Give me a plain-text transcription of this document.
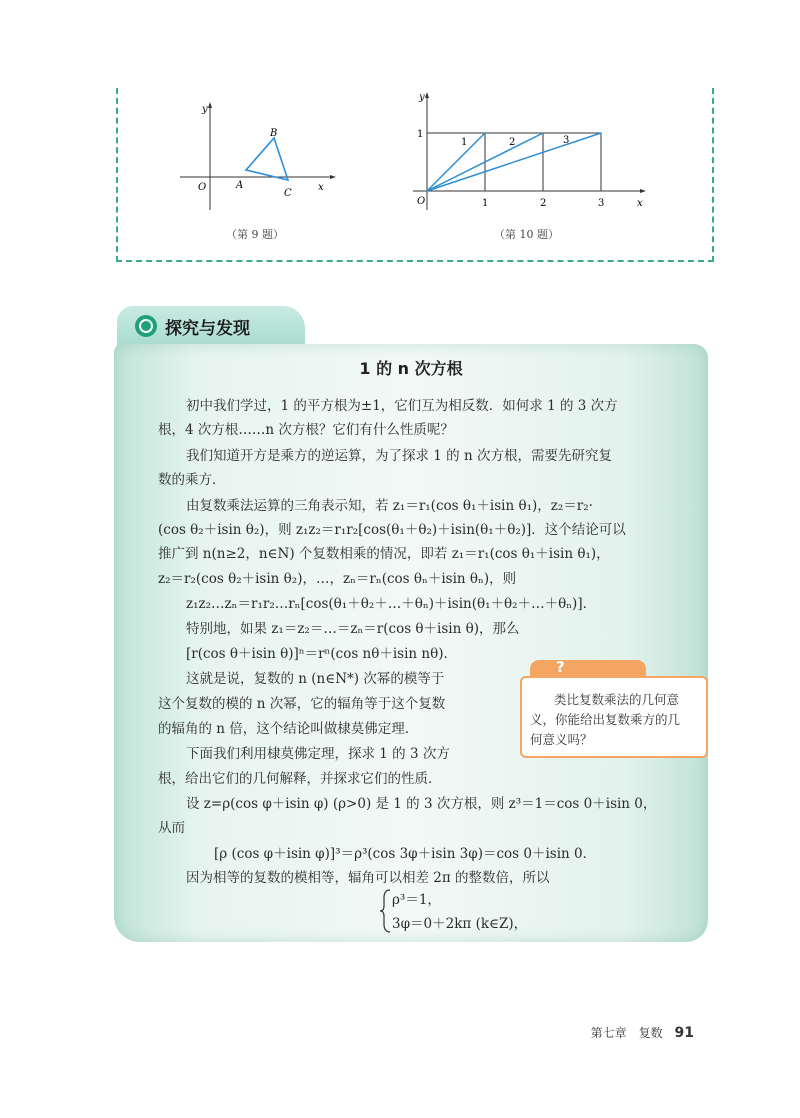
y
x
O	A
B
C
（第 9 题）
y
x
O
1
1	2	3
1	2	3
（第 10 题）
探究与发现
1 的 n 次方根
初中我们学过，1 的平方根为±1，它们互为相反数．如何求 1 的 3 次方
根，4 次方根……n 次方根？它们有什么性质呢？
我们知道开方是乘方的逆运算，为了探求 1 的 n 次方根，需要先研究复
数的乘方．
由复数乘法运算的三角表示知，若 z₁＝r₁(cos θ₁＋isin θ₁)，z₂＝r₂·
(cos θ₂＋isin θ₂)，则 z₁z₂＝r₁r₂[cos(θ₁＋θ₂)＋isin(θ₁＋θ₂)]．这个结论可以
推广到 n(n≥2，n∈N) 个复数相乘的情况，即若 z₁＝r₁(cos θ₁＋isin θ₁)，
z₂＝r₂(cos θ₂＋isin θ₂)，…，zₙ＝rₙ(cos θₙ＋isin θₙ)，则
z₁z₂…zₙ＝r₁r₂…rₙ[cos(θ₁＋θ₂＋…＋θₙ)＋isin(θ₁＋θ₂＋…＋θₙ)]．
特别地，如果 z₁＝z₂＝…＝zₙ＝r(cos θ＋isin θ)，那么
[r(cos θ＋isin θ)]ⁿ＝rⁿ(cos nθ＋isin nθ)．
这就是说，复数的 n (n∈N*) 次幂的模等于
这个复数的模的 n 次幂，它的辐角等于这个复数
的辐角的 n 倍，这个结论叫做棣莫佛定理．
下面我们利用棣莫佛定理，探求 1 的 3 次方
根，给出它们的几何解释，并探求它们的性质．
设 z=ρ(cos φ＋isin φ) (ρ>0) 是 1 的 3 次方根，则 z³＝1＝cos 0＋isin 0，
从而
[ρ (cos φ＋isin φ)]³＝ρ³(cos 3φ＋isin 3φ)＝cos 0＋isin 0．
因为相等的复数的模相等，辐角可以相差 2π 的整数倍，所以
ρ³＝1，
3φ＝0＋2kπ (k∈Z)，
?
类比复数乘法的几何意
义，你能给出复数乘方的几
何意义吗？
第七章　复数 91
